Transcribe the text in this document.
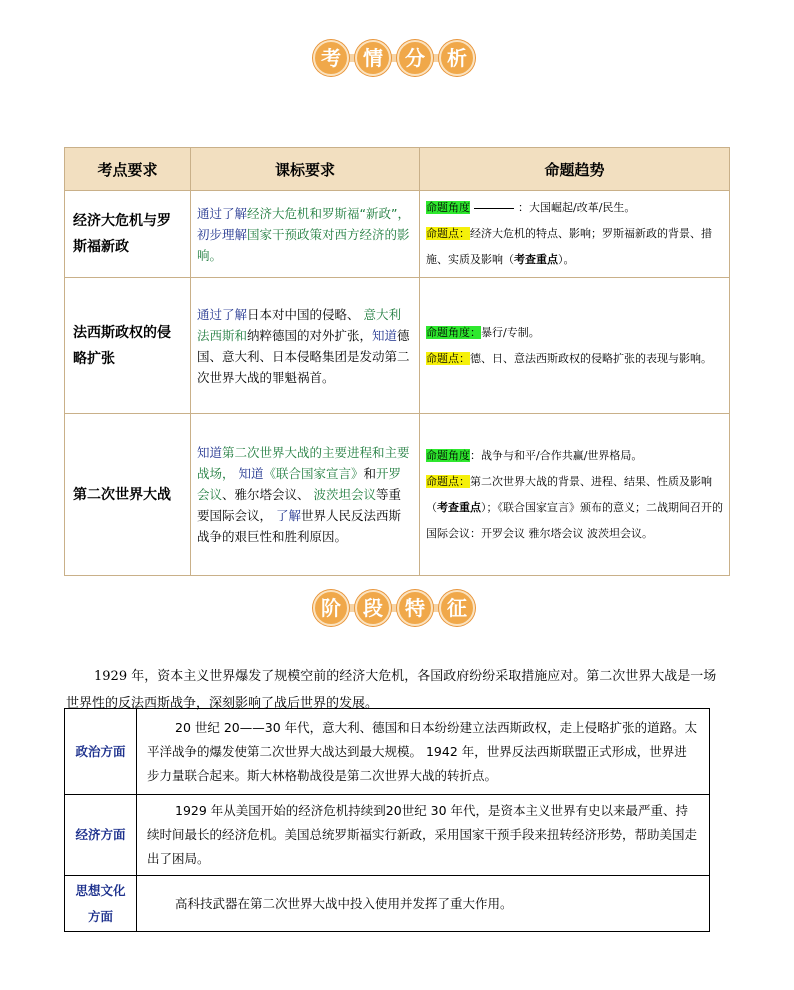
考	情	分	析
考点要求	课标要求	命题趋势
经济大危机与罗斯福新政	通过了解经济大危机和罗斯福“新政”，初步理解国家干预政策对西方经济的影响。	命题角度 ：大国崛起/改革/民生。
命题点：经济大危机的特点、影响；罗斯福新政的背景、措施、实质及影响（考查重点）。
法西斯政权的侵略扩张	通过了解日本对中国的侵略、 意大利法西斯和纳粹德国的对外扩张，知道德国、意大利、日本侵略集团是发动第二次世界大战的罪魁祸首。	命题角度：暴行/专制。
命题点：德、日、意法西斯政权的侵略扩张的表现与影响。
第二次世界大战	知道第二次世界大战的主要进程和主要战场， 知道《联合国家宣言》和开罗会议、雅尔塔会议、 波茨坦会议等重要国际会议， 了解世界人民反法西斯战争的艰巨性和胜利原因。	命题角度：战争与和平/合作共赢/世界格局。
命题点：第二次世界大战的背景、进程、结果、性质及影响（考查重点）；《联合国家宣言》颁布的意义；二战期间召开的国际会议：开罗会议 雅尔塔会议 波茨坦会议。
阶	段	特	征

1929 年，资本主义世界爆发了规模空前的经济大危机，各国政府纷纷采取措施应对。第二次世界大战是一场世界性的反法西斯战争，深刻影响了战后世界的发展。

政治方面	20 世纪 20——30 年代，意大利、德国和日本纷纷建立法西斯政权，走上侵略扩张的道路。太平洋战争的爆发使第二次世界大战达到最大规模。 1942 年，世界反法西斯联盟正式形成，世界进步力量联合起来。斯大林格勒战役是第二次世界大战的转折点。
经济方面	1929 年从美国开始的经济危机持续到20世纪 30 年代，是资本主义世界有史以来最严重、持续时间最长的经济危机。美国总统罗斯福实行新政，采用国家干预手段来扭转经济形势，帮助美国走出了困局。
思想文化方面	高科技武器在第二次世界大战中投入使用并发挥了重大作用。
